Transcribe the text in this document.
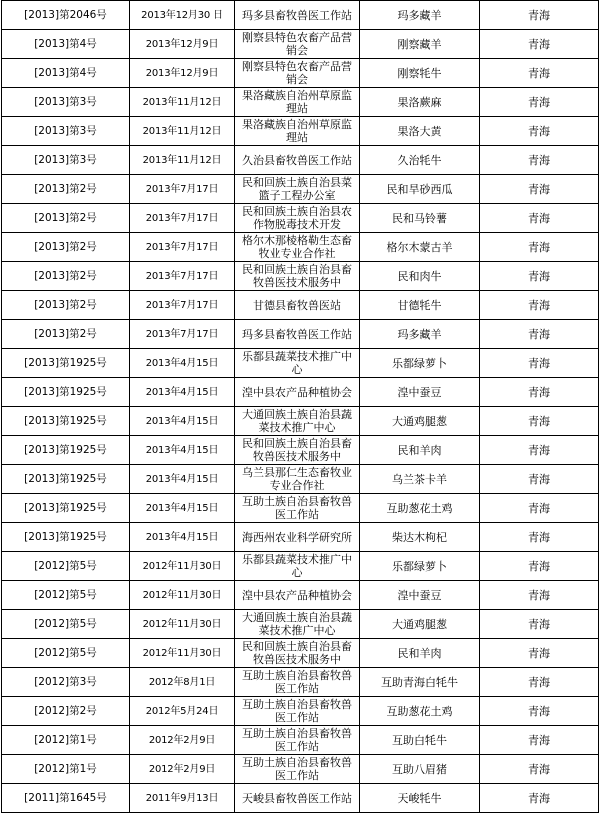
[2013]第2046号	2013年12月30 日	玛多县畜牧兽医工作站	玛多藏羊	青海
[2013]第4号	2013年12月9日	刚察县特色农畜产品营销会	刚察藏羊	青海
[2013]第4号	2013年12月9日	刚察县特色农畜产品营销会	刚察牦牛	青海
[2013]第3号	2013年11月12日	果洛藏族自治州草原监理站	果洛蕨麻	青海
[2013]第3号	2013年11月12日	果洛藏族自治州草原监理站	果洛大黄	青海
[2013]第3号	2013年11月12日	久治县畜牧兽医工作站	久治牦牛	青海
[2013]第2号	2013年7月17日	民和回族土族自治县菜篮子工程办公室	民和旱砂西瓜	青海
[2013]第2号	2013年7月17日	民和回族土族自治县农作物脱毒技术开发	民和马铃薯	青海
[2013]第2号	2013年7月17日	格尔木那棱格勒生态畜牧业专业合作社	格尔木蒙古羊	青海
[2013]第2号	2013年7月17日	民和回族土族自治县畜牧兽医技术服务中	民和肉牛	青海
[2013]第2号	2013年7月17日	甘德县畜牧兽医站	甘德牦牛	青海
[2013]第2号	2013年7月17日	玛多县畜牧兽医工作站	玛多藏羊	青海
[2013]第1925号	2013年4月15日	乐都县蔬菜技术推广中心	乐都绿萝卜	青海
[2013]第1925号	2013年4月15日	湟中县农产品种植协会	湟中蚕豆	青海
[2013]第1925号	2013年4月15日	大通回族土族自治县蔬菜技术推广中心	大通鸡腿葱	青海
[2013]第1925号	2013年4月15日	民和回族土族自治县畜牧兽医技术服务中	民和羊肉	青海
[2013]第1925号	2013年4月15日	乌兰县那仁生态畜牧业专业合作社	乌兰茶卡羊	青海
[2013]第1925号	2013年4月15日	互助土族自治县畜牧兽医工作站	互助葱花土鸡	青海
[2013]第1925号	2013年4月15日	海西州农业科学研究所	柴达木枸杞	青海
[2012]第5号	2012年11月30日	乐都县蔬菜技术推广中心	乐都绿萝卜	青海
[2012]第5号	2012年11月30日	湟中县农产品种植协会	湟中蚕豆	青海
[2012]第5号	2012年11月30日	大通回族土族自治县蔬菜技术推广中心	大通鸡腿葱	青海
[2012]第5号	2012年11月30日	民和回族土族自治县畜牧兽医技术服务中	民和羊肉	青海
[2012]第3号	2012年8月1日	互助土族自治县畜牧兽医工作站	互助青海白牦牛	青海
[2012]第2号	2012年5月24日	互助土族自治县畜牧兽医工作站	互助葱花土鸡	青海
[2012]第1号	2012年2月9日	互助土族自治县畜牧兽医工作站	互助白牦牛	青海
[2012]第1号	2012年2月9日	互助土族自治县畜牧兽医工作站	互助八眉猪	青海
[2011]第1645号	2011年9月13日	天峻县畜牧兽医工作站	天峻牦牛	青海
